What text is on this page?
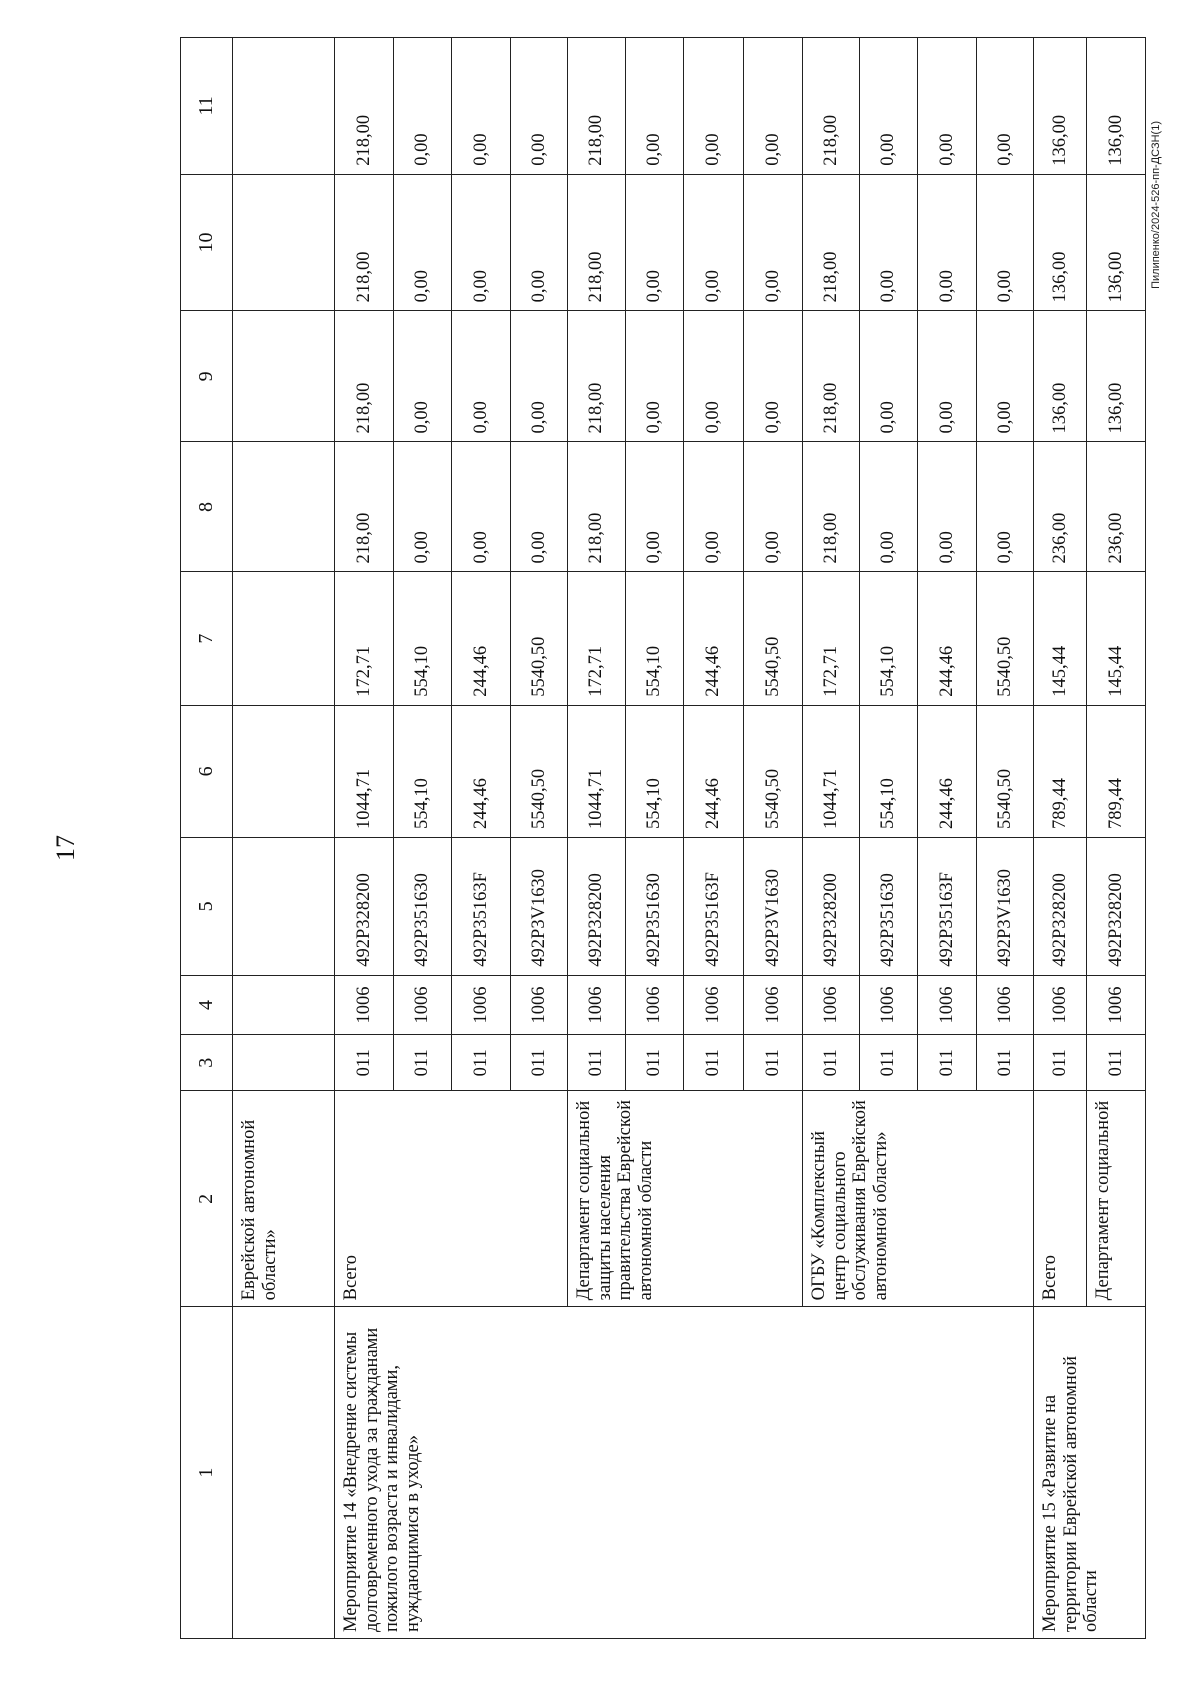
17
1	2	3	4	5	6	7	8	9	10	11
	Еврейской автономной области»									
Мероприятие 14 «Внедрение системы долговременного ухода за гражданами пожилого возраста и инвалидами, нуждающимися в уходе»	Всего	011	1006	492P328200	1044,71	172,71	218,00	218,00	218,00	218,00
		011	1006	492P351630	554,10	554,10	0,00	0,00	0,00	0,00
		011	1006	492P35163F	244,46	244,46	0,00	0,00	0,00	0,00
		011	1006	492P3V1630	5540,50	5540,50	0,00	0,00	0,00	0,00
	Департамент социальной защиты населения правительства Еврейской автономной области	011	1006	492P328200	1044,71	172,71	218,00	218,00	218,00	218,00
		011	1006	492P351630	554,10	554,10	0,00	0,00	0,00	0,00
		011	1006	492P35163F	244,46	244,46	0,00	0,00	0,00	0,00
		011	1006	492P3V1630	5540,50	5540,50	0,00	0,00	0,00	0,00
	ОГБУ «Комплексный центр социального обслуживания Еврейской автономной области»	011	1006	492P328200	1044,71	172,71	218,00	218,00	218,00	218,00
		011	1006	492P351630	554,10	554,10	0,00	0,00	0,00	0,00
		011	1006	492P35163F	244,46	244,46	0,00	0,00	0,00	0,00
		011	1006	492P3V1630	5540,50	5540,50	0,00	0,00	0,00	0,00
Мероприятие 15 «Развитие на территории Еврейской автономной области	Всего	011	1006	492P328200	789,44	145,44	236,00	136,00	136,00	136,00
	Департамент социальной	011	1006	492P328200	789,44	145,44	236,00	136,00	136,00	136,00 Пилипенко/2024-526-пп-ДСЗН(1)
